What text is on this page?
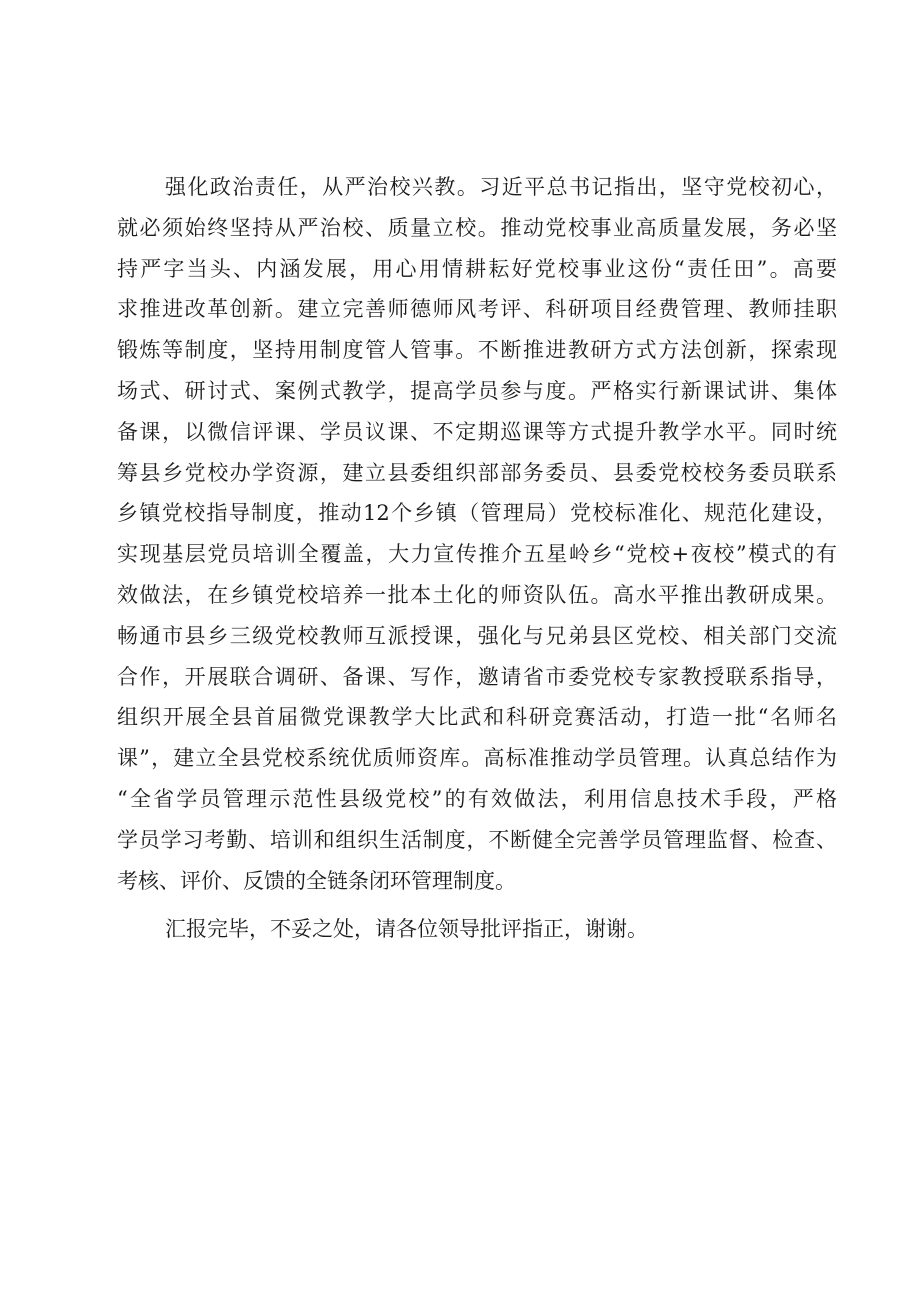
强化政治责任，从严治校兴教。习近平总书记指出，坚守党校初心，
就必须始终坚持从严治校、质量立校。推动党校事业高质量发展，务必坚
持严字当头、内涵发展，用心用情耕耘好党校事业这份“责任田”。高要
求推进改革创新。建立完善师德师风考评、科研项目经费管理、教师挂职
锻炼等制度，坚持用制度管人管事。不断推进教研方式方法创新，探索现
场式、研讨式、案例式教学，提高学员参与度。严格实行新课试讲、集体
备课，以微信评课、学员议课、不定期巡课等方式提升教学水平。同时统
筹县乡党校办学资源，建立县委组织部部务委员、县委党校校务委员联系
乡镇党校指导制度，推动12个乡镇（管理局）党校标准化、规范化建设，
实现基层党员培训全覆盖，大力宣传推介五星岭乡“党校+夜校”模式的有
效做法，在乡镇党校培养一批本土化的师资队伍。高水平推出教研成果。
畅通市县乡三级党校教师互派授课，强化与兄弟县区党校、相关部门交流
合作，开展联合调研、备课、写作，邀请省市委党校专家教授联系指导，
组织开展全县首届微党课教学大比武和科研竞赛活动，打造一批“名师名
课”，建立全县党校系统优质师资库。高标准推动学员管理。认真总结作为
“全省学员管理示范性县级党校”的有效做法，利用信息技术手段，严格
学员学习考勤、培训和组织生活制度，不断健全完善学员管理监督、检查、
考核、评价、反馈的全链条闭环管理制度。
汇报完毕，不妥之处，请各位领导批评指正，谢谢。
